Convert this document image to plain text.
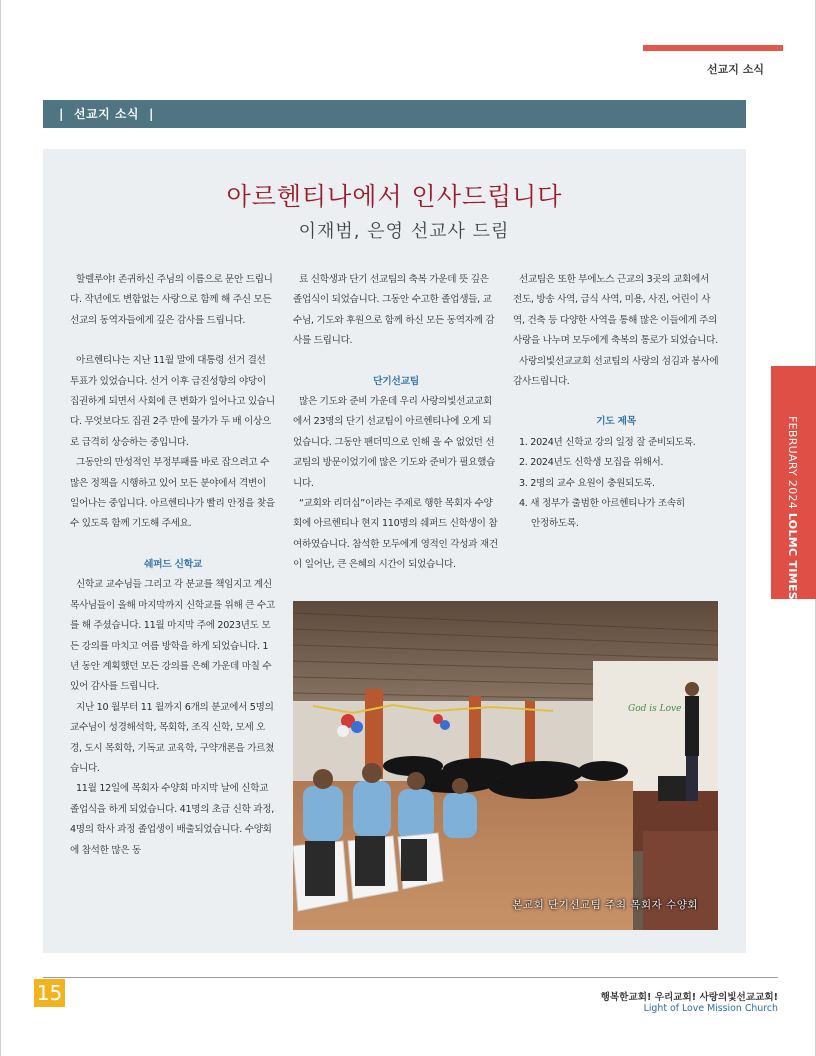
선교지 소식
| 선교지 소식 |
아르헨티나에서 인사드립니다
이재범, 은영 선교사 드림

할렐루야! 존귀하신 주님의 이름으로 문안 드립니다. 작년에도 변함없는 사랑으로 함께 해 주신 모든 선교의 동역자들에게 깊은 감사를 드립니다.

아르헨티나는 지난 11월 말에 대통령 선거 결선 투표가 있었습니다. 선거 이후 급진성향의 야당이 집권하게 되면서 사회에 큰 변화가 일어나고 있습니다. 무엇보다도 집권 2주 만에 물가가 두 배 이상으로 급격히 상승하는 중입니다.

그동안의 만성적인 부정부패를 바로 잡으려고 수 많은 정책을 시행하고 있어 모든 분야에서 격변이 일어나는 중입니다. 아르헨티나가 빨리 안정을 찾을 수 있도록 함께 기도해 주세요.

쉐퍼드 신학교

신학교 교수님들 그리고 각 분교를 책임지고 계신 목사님들이 올해 마지막까지 신학교를 위해 큰 수고를 해 주셨습니다. 11월 마지막 주에 2023년도 모든 강의를 마치고 여름 방학을 하게 되었습니다. 1년 동안 계획했던 모든 강의를 은혜 가운데 마칠 수 있어 감사를 드립니다.

지난 10 월부터 11 월까지 6개의 분교에서 5명의 교수님이 성경해석학, 목회학, 조직 신학, 모세 오경, 도시 목회학, 기독교 교육학, 구약개론을 가르쳤습니다.

11월 12일에 목회자 수양회 마지막 날에 신학교 졸업식을 하게 되었습니다. 41명의 초급 신학 과정, 4명의 학사 과정 졸업생이 배출되었습니다. 수양회에 참석한 많은 동

료 신학생과 단기 선교팀의 축복 가운데 뜻 깊은 졸업식이 되었습니다. 그동안 수고한 졸업생들, 교수님, 기도와 후원으로 함께 하신 모든 동역자께 감사를 드립니다.

단기선교팀

많은 기도와 준비 가운데 우리 사랑의빛선교교회에서 23명의 단기 선교팀이 아르헨티나에 오게 되었습니다. 그동안 팬더믹으로 인해 올 수 없었던 선교팀의 방문이었기에 많은 기도와 준비가 필요했습니다.

“교회와 리더십”이라는 주제로 행한 목회자 수양회에 아르헨티나 현지 110명의 쉐퍼드 신학생이 참여하였습니다. 참석한 모두에게 영적인 각성과 재건이 일어난, 큰 은혜의 시간이 되었습니다.

선교팀은 또한 부에노스 근교의 3곳의 교회에서 전도, 방송 사역, 급식 사역, 미용, 사진, 어린이 사역, 건축 등 다양한 사역을 통해 많은 이들에게 주의 사랑을 나누며 모두에게 축복의 통로가 되었습니다.

사랑의빛선교교회 선교팀의 사랑의 섬김과 봉사에 감사드립니다.

기도 제목

1. 2024년 신학교 강의 일정 잘 준비되도록.
2. 2024년도 신학생 모집을 위해서.
3. 2명의 교수 요원이 충원되도록.
4. 새 정부가 출범한 아르헨티나가 조속히
안정하도록.
God is Love
본교회 단기선교팀 주최 목회자 수양회
FEBRUARY 2024 LOLMC TIMES
15	행복한교회! 우리교회! 사랑의빛선교교회!
Light of Love Mission Church
